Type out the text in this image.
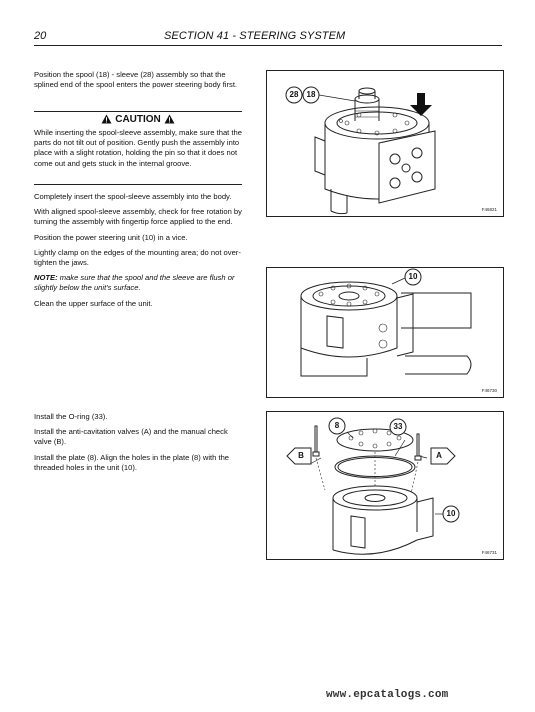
20	SECTION 41 - STEERING SYSTEM

Position the spool (18) - sleeve (28) assembly so that the splined end of the spool enters the power steering body first.

CAUTION

While inserting the spool-sleeve assembly, make sure that the parts do not tilt out of position. Gently push the assembly into place with a slight rotation, holding the pin so that it does not come out and gets stuck in the internal groove.

Completely insert the spool-sleeve assembly into the body.

With aligned spool-sleeve assembly, check for free rotation by turning the assembly with fingertip force applied to the end.

Position the power steering unit (10) in a vice.

Lightly clamp on the edges of the mounting area; do not over-tighten the jaws.

NOTE: make sure that the spool and the sleeve are flush or slightly below the unit's surface.

Clean the upper surface of the unit.

Install the O-ring (33).

Install the anti-cavitation valves (A) and the manual check valve (B).

Install the plate (8). Align the holes in the plate (8) with the threaded holes in the unit (10).

28	18
F46821
10
F46730
8	33
B	A
10
F46731
www.epcatalogs.com
